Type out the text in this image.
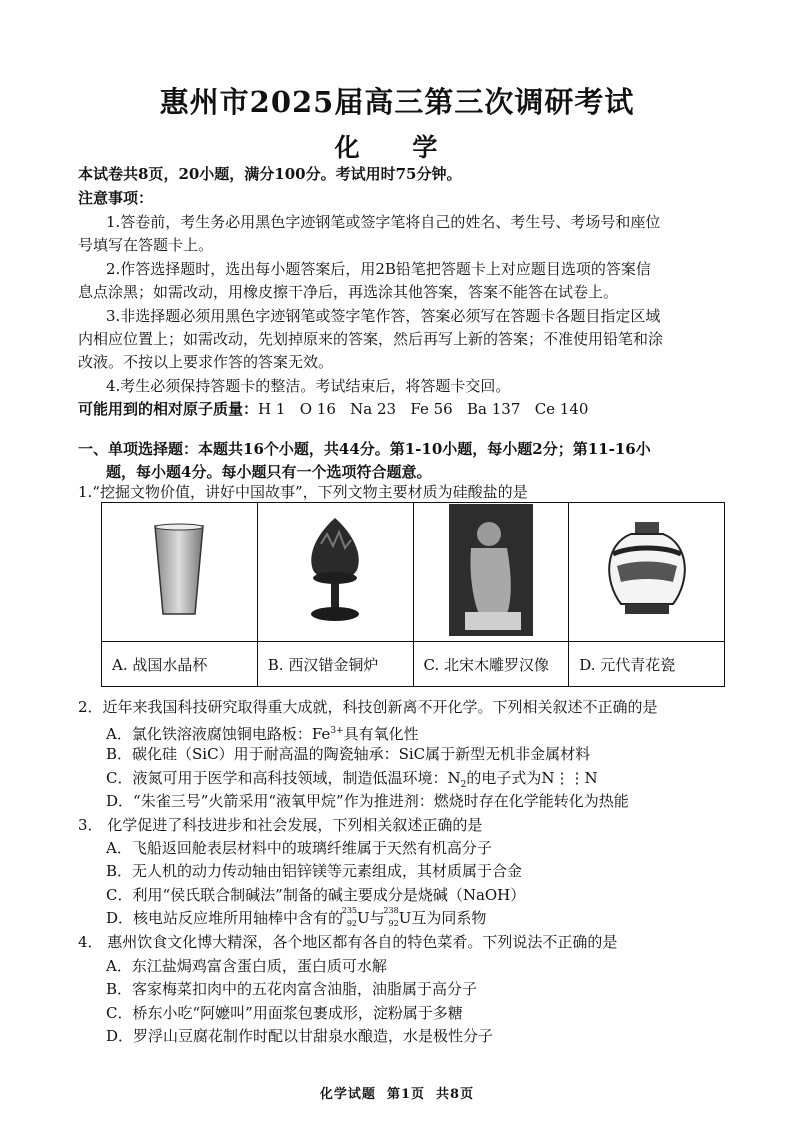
惠州市2025届高三第三次调研考试
化 学
本试卷共8页，20小题，满分100分。考试用时75分钟。
注意事项：
1.答卷前，考生务必用黑色字迹钢笔或签字笔将自己的姓名、考生号、考场号和座位
号填写在答题卡上。
2.作答选择题时，选出每小题答案后，用2B铅笔把答题卡上对应题目选项的答案信
息点涂黑；如需改动，用橡皮擦干净后，再选涂其他答案，答案不能答在试卷上。
3.非选择题必须用黑色字迹钢笔或签字笔作答，答案必须写在答题卡各题目指定区域
内相应位置上；如需改动，先划掉原来的答案，然后再写上新的答案；不准使用铅笔和涂
改液。不按以上要求作答的答案无效。
4.考生必须保持答题卡的整洁。考试结束后，将答题卡交回。
可能用到的相对原子质量：H 1   O 16   Na 23   Fe 56   Ba 137   Ce 140
一、单项选择题：本题共16个小题，共44分。第1-10小题，每小题2分；第11-16小
题，每小题4分。每小题只有一个选项符合题意。
1.“挖掘文物价值，讲好中国故事”，下列文物主要材质为硅酸盐的是

A. 战国水晶杯	B. 西汉错金铜炉	C. 北宋木雕罗汉像	D. 元代青花瓷
2．近年来我国科技研究取得重大成就，科技创新离不开化学。下列相关叙述不正确的是
A．氯化铁溶液腐蚀铜电路板：$Fe^{3+}$具有氧化性
B．碳化硅（SiC）用于耐高温的陶瓷轴承：SiC属于新型无机非金属材料
C．液氮可用于医学和高科技领域，制造低温环境：$N_2$的电子式为N⋮⋮N
D．“朱雀三号”火箭采用“液氧甲烷”作为推进剂：燃烧时存在化学能转化为热能
3． 化学促进了科技进步和社会发展，下列相关叙述正确的是
A．飞船返回舱表层材料中的玻璃纤维属于天然有机高分子
B．无人机的动力传动轴由铝锌镁等元素组成，其材质属于合金
C．利用“侯氏联合制碱法”制备的碱主要成分是烧碱（NaOH）
D．核电站反应堆所用轴棒中含有的
235
92 U与
238
92 U互为同系物
4． 惠州饮食文化博大精深，各个地区都有各自的特色菜肴。下列说法不正确的是
A．东江盐焗鸡富含蛋白质，蛋白质可水解
B．客家梅菜扣肉中的五花肉富含油脂，油脂属于高分子
C．桥东小吃“阿嬷叫”用面浆包裹成形，淀粉属于多糖
D．罗浮山豆腐花制作时配以甘甜泉水酿造，水是极性分子
化学试题  第1页  共8页
